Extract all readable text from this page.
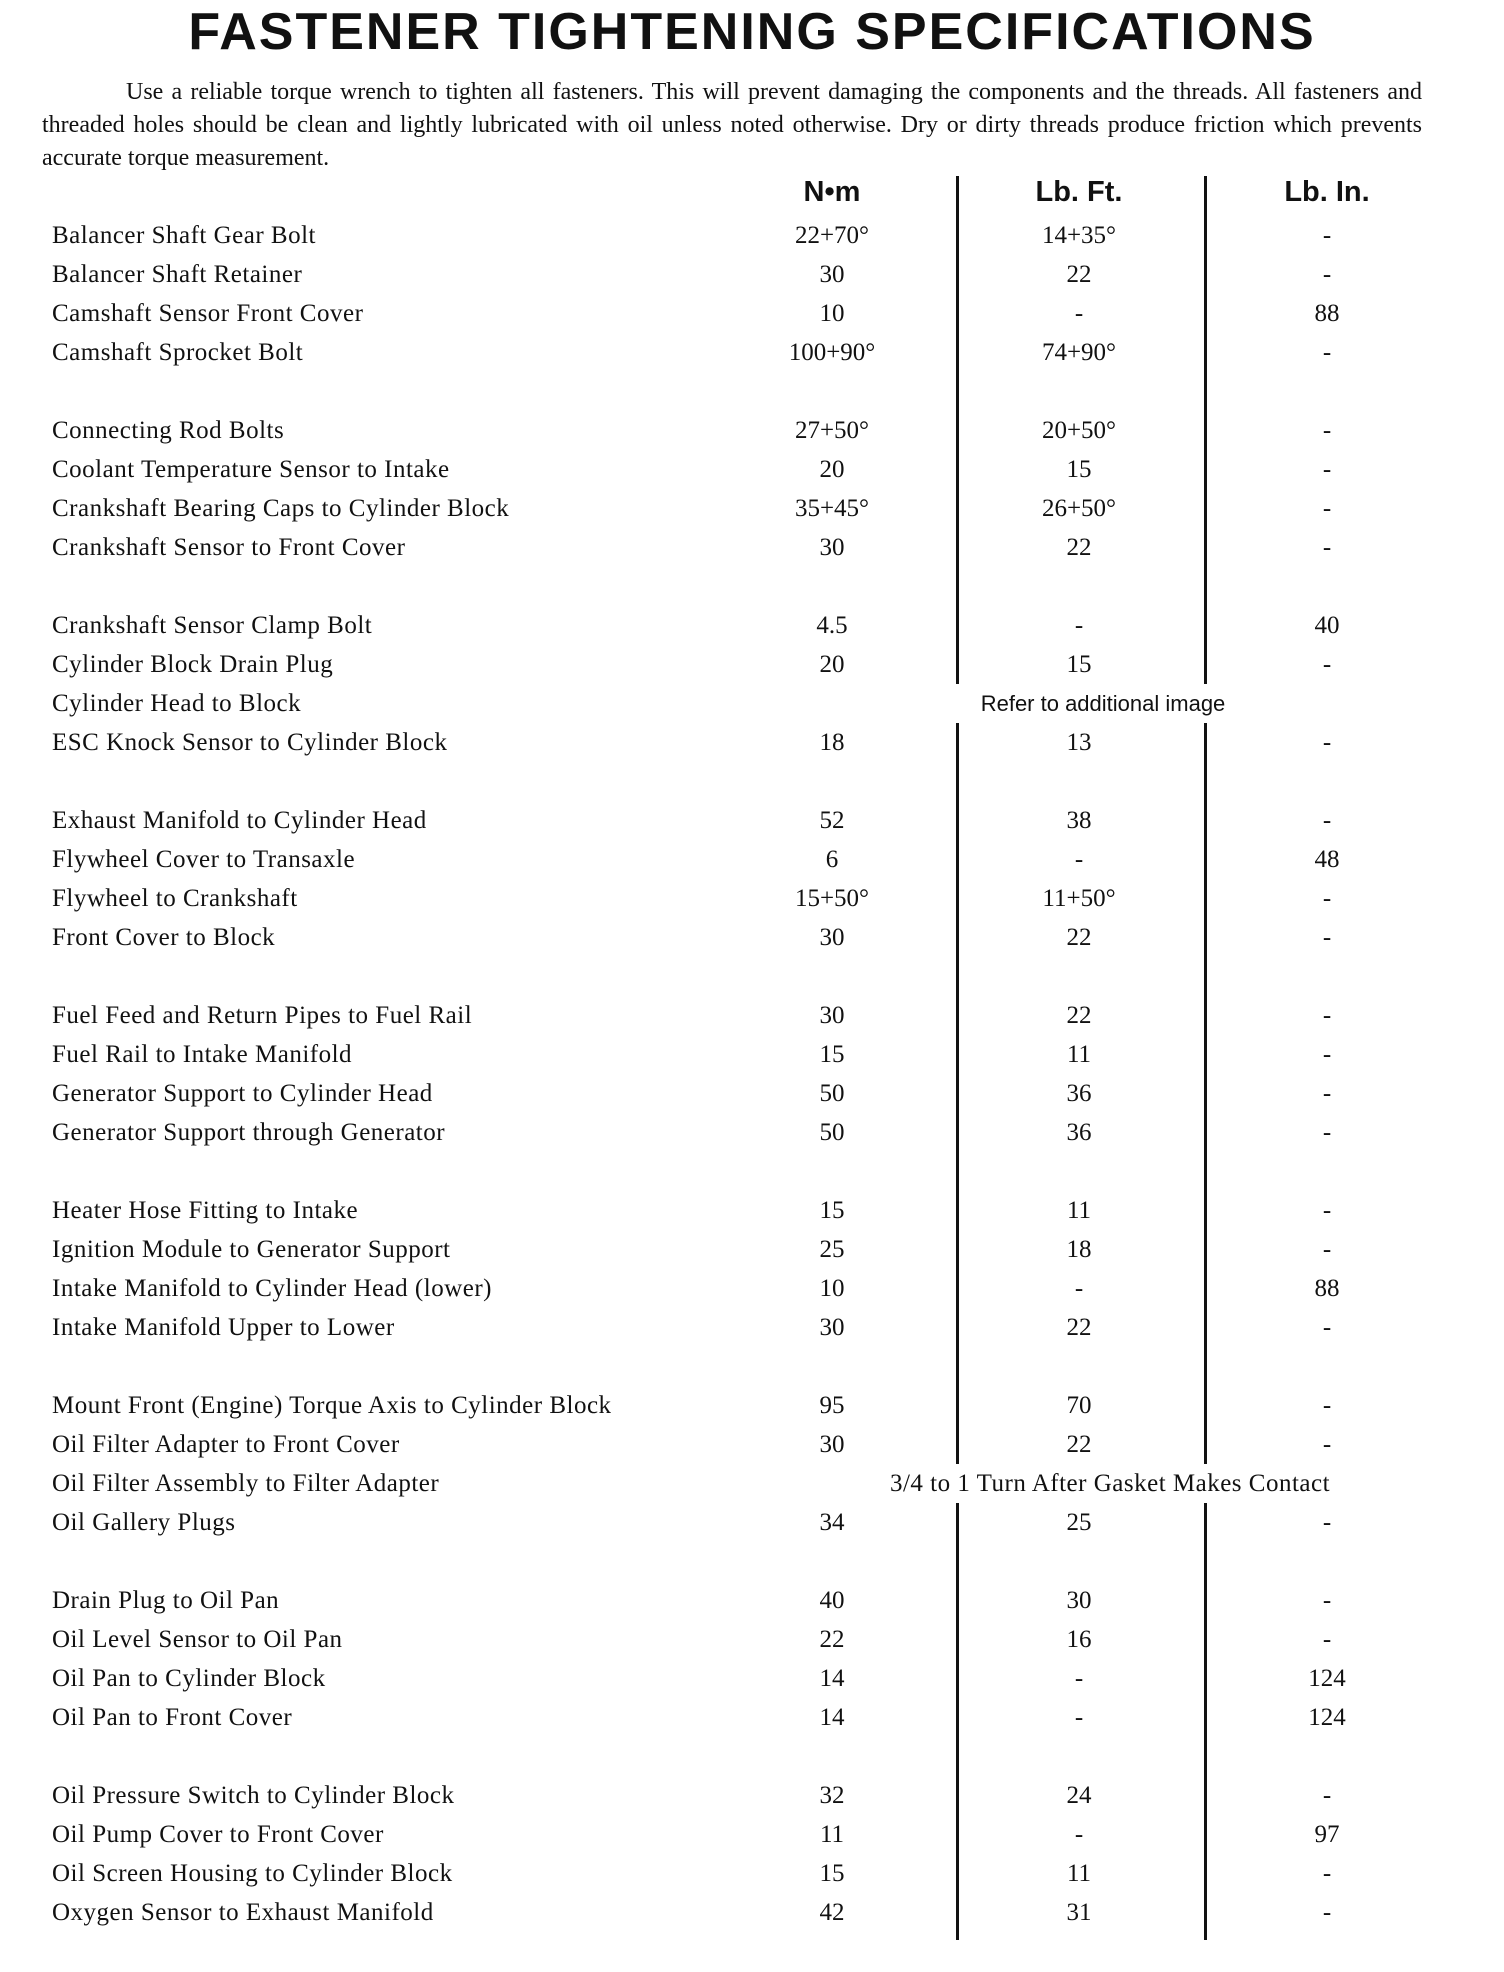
FASTENER TIGHTENING SPECIFICATIONS

Use a reliable torque wrench to tighten all fasteners. This will prevent damaging the components and the threads. All fasteners and threaded holes should be clean and lightly lubricated with oil unless noted otherwise. Dry or dirty threads produce friction which prevents accurate torque measurement.

N•m	Lb. Ft.	Lb. In.
Balancer Shaft Gear Bolt	22+70°	14+35°	-
Balancer Shaft Retainer	30	22	-
Camshaft Sensor Front Cover	10	-	88
Camshaft Sprocket Bolt	100+90°	74+90°	-
Connecting Rod Bolts	27+50°	20+50°	-
Coolant Temperature Sensor to Intake	20	15	-
Crankshaft Bearing Caps to Cylinder Block	35+45°	26+50°	-
Crankshaft Sensor to Front Cover	30	22	-
Crankshaft Sensor Clamp Bolt	4.5	-	40
Cylinder Block Drain Plug	20	15	-
Cylinder Head to Block	Refer to additional image
ESC Knock Sensor to Cylinder Block	18	13	-
Exhaust Manifold to Cylinder Head	52	38	-
Flywheel Cover to Transaxle	6	-	48
Flywheel to Crankshaft	15+50°	11+50°	-
Front Cover to Block	30	22	-
Fuel Feed and Return Pipes to Fuel Rail	30	22	-
Fuel Rail to Intake Manifold	15	11	-
Generator Support to Cylinder Head	50	36	-
Generator Support through Generator	50	36	-
Heater Hose Fitting to Intake	15	11	-
Ignition Module to Generator Support	25	18	-
Intake Manifold to Cylinder Head (lower)	10	-	88
Intake Manifold Upper to Lower	30	22	-
Mount Front (Engine) Torque Axis to Cylinder Block	95	70	-
Oil Filter Adapter to Front Cover	30	22	-
Oil Filter Assembly to Filter Adapter	3/4 to 1 Turn After Gasket Makes Contact
Oil Gallery Plugs	34	25	-
Drain Plug to Oil Pan	40	30	-
Oil Level Sensor to Oil Pan	22	16	-
Oil Pan to Cylinder Block	14	-	124
Oil Pan to Front Cover	14	-	124
Oil Pressure Switch to Cylinder Block	32	24	-
Oil Pump Cover to Front Cover	11	-	97
Oil Screen Housing to Cylinder Block	15	11	-
Oxygen Sensor to Exhaust Manifold	42	31	-
